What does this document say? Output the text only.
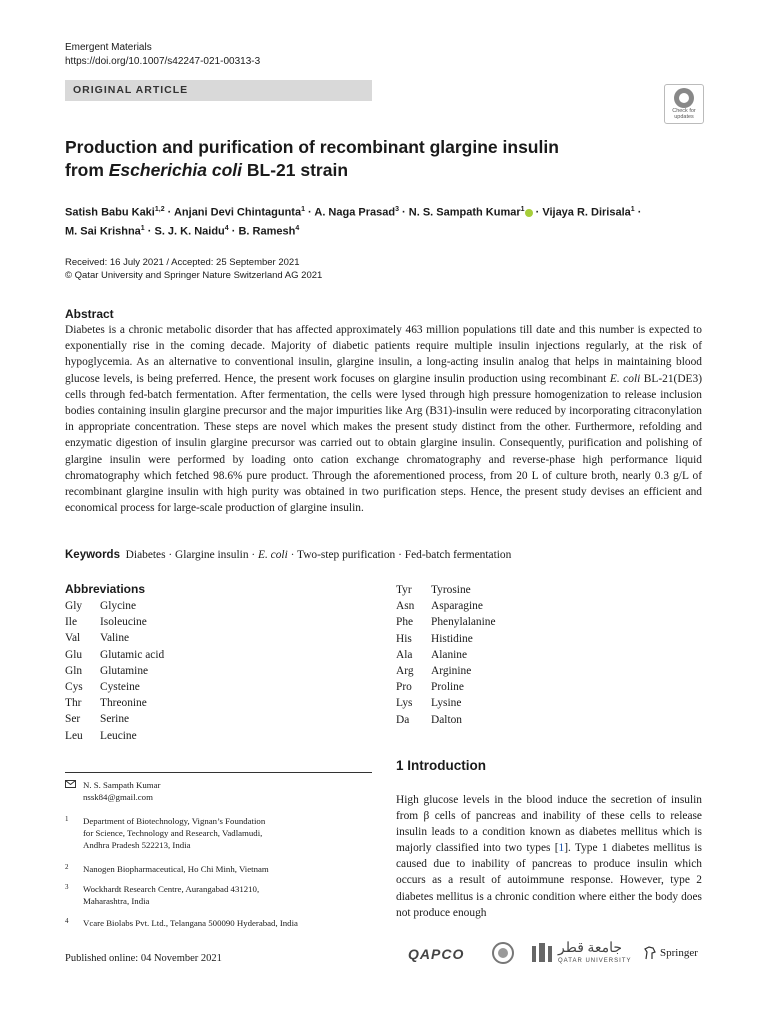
Emergent Materials
https://doi.org/10.1007/s42247-021-00313-3
ORIGINAL ARTICLE
Check for
updates
Production and purification of recombinant glargine insulin
from Escherichia coli BL-21 strain
Satish Babu Kaki$^{1,2}$ · Anjani Devi Chintagunta$^1$ · A. Naga Prasad$^3$ · N. S. Sampath Kumar$^1$ · Vijaya R. Dirisala$^1$ ·
M. Sai Krishna$^1$ · S. J. K. Naidu$^4$ · B. Ramesh$^4$
Received: 16 July 2021 / Accepted: 25 September 2021
© Qatar University and Springer Nature Switzerland AG 2021
Abstract
Diabetes is a chronic metabolic disorder that has affected approximately 463 million populations till date and this number is expected to exponentially rise in the coming decade. Majority of diabetic patients require multiple insulin injections regularly, at the risk of hypoglycemia. As an alternative to conventional insulin, glargine insulin, a long-acting insulin analog that helps in maintaining blood glucose levels, is being preferred. Hence, the present work focuses on glargine insulin production using recombinant E. coli BL-21(DE3) cells through fed-batch fermentation. After fermentation, the cells were lysed through high pressure homogenization to release inclusion bodies containing insulin glargine precursor and the major impurities like Arg (B31)-insulin were reduced by incorporating citraconylation in appropriate concentration. These steps are novel which makes the present study distinct from the other. Furthermore, refolding and enzymatic digestion of insulin glargine precursor was carried out to obtain glargine insulin. Consequently, purification and polishing of glargine insulin were performed by loading onto cation exchange chromatography and reverse-phase high performance liquid chromatography which fetched 98.6% pure product. Through the aforementioned process, from 20 L of culture broth, nearly 0.3 g/L of recombinant glargine insulin with high purity was obtained in two purification steps. Hence, the present study devises an efficient and economical process for large-scale production of glargine insulin.
Keywords Diabetes · Glargine insulin · E. coli · Two-step purification · Fed-batch fermentation
Abbreviations
Gly	Glycine
Ile	Isoleucine
Val	Valine
Glu	Glutamic acid
Gln	Glutamine
Cys	Cysteine
Thr	Threonine
Ser	Serine
Leu	Leucine
Tyr	Tyrosine
Asn	Asparagine
Phe	Phenylalanine
His	Histidine
Ala	Alanine
Arg	Arginine
Pro	Proline
Lys	Lysine
Da	Dalton
N. S. Sampath Kumar
nssk84@gmail.com
1 Department of Biotechnology, Vignan’s Foundation
for Science, Technology and Research, Vadlamudi,
Andhra Pradesh 522213, India
2 Nanogen Biopharmaceutical, Ho Chi Minh, Vietnam
3 Wockhardt Research Centre, Aurangabad 431210,
Maharashtra, India
4 Vcare Biolabs Pvt. Ltd., Telangana 500090 Hyderabad, India
1 Introduction
High glucose levels in the blood induce the secretion of insulin from β cells of pancreas and inability of these cells to release insulin leads to a condition known as diabetes mellitus which is majorly classified into two types [1]. Type 1 diabetes mellitus is caused due to inability of pancreas to produce insulin which occurs as a result of autoimmune response. However, type 2 diabetes mellitus is a chronic condition where either the body does not produce enough
Published online: 04 November 2021	QAPCO	جامعة قطر
QATAR UNIVERSITY
Springer
